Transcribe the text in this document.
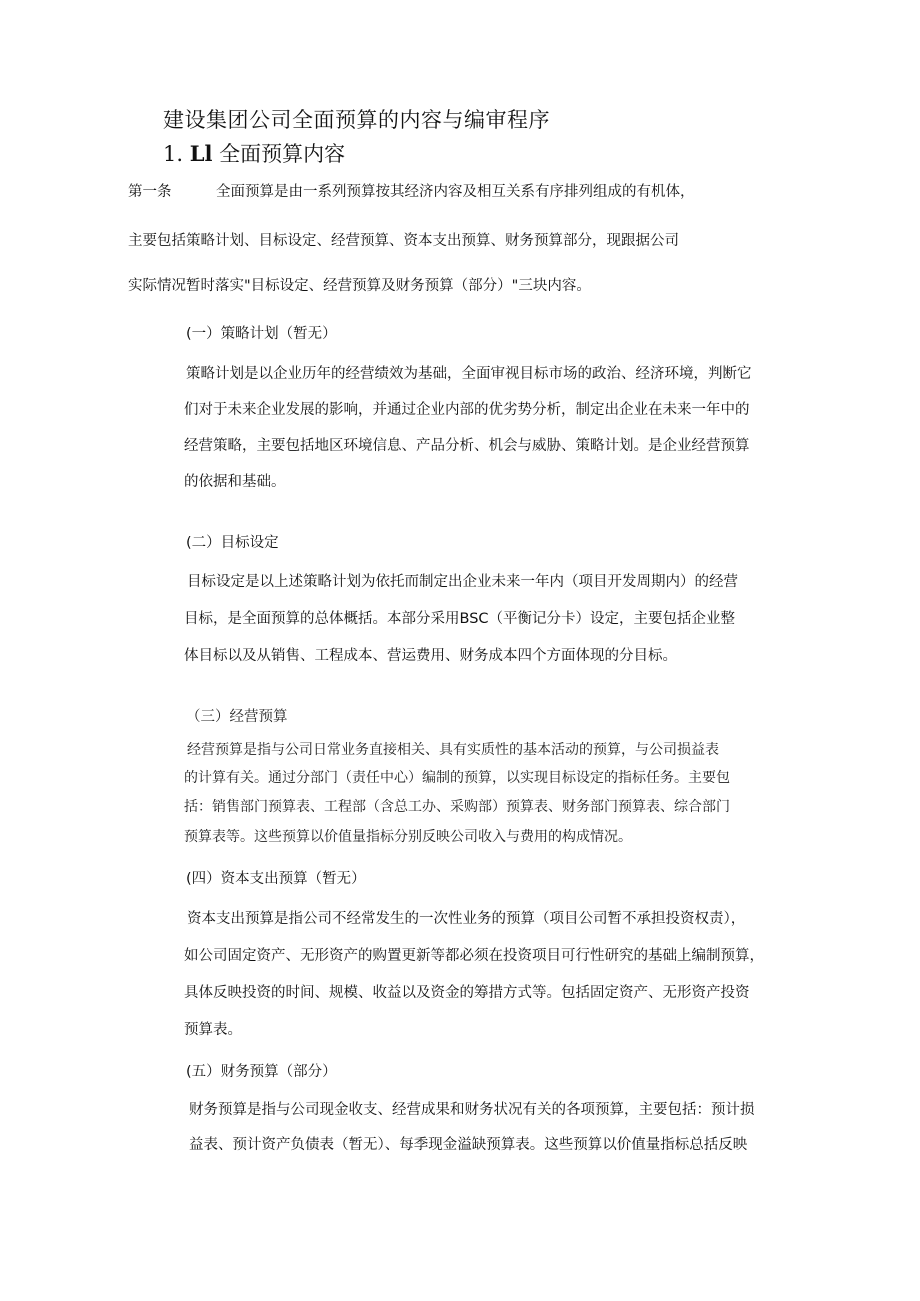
建设集团公司全面预算的内容与编审程序
1. Ll 全面预算内容
第一条	全面预算是由一系列预算按其经济内容及相互关系有序排列组成的有机体，
主要包括策略计划、目标设定、经营预算、资本支出预算、财务预算部分，现跟据公司
实际情况暂时落实"目标设定、经营预算及财务预算（部分）"三块内容。
(一）策略计划（暂无）
策略计划是以企业历年的经营绩效为基础，全面审视目标市场的政治、经济环境，判断它
们对于未来企业发展的影响，并通过企业内部的优劣势分析，制定出企业在未来一年中的
经营策略，主要包括地区环境信息、产品分析、机会与威胁、策略计划。是企业经营预算
的依据和基础。
(二）目标设定
目标设定是以上述策略计划为依托而制定出企业未来一年内（项目开发周期内）的经营
目标，是全面预算的总体概括。本部分采用BSC（平衡记分卡）设定，主要包括企业整
体目标以及从销售、工程成本、营运费用、财务成本四个方面体现的分目标。
（三）经营预算
经营预算是指与公司日常业务直接相关、具有实质性的基本活动的预算，与公司损益表
的计算有关。通过分部门（责任中心）编制的预算，以实现目标设定的指标任务。主要包
括：销售部门预算表、工程部（含总工办、采购部）预算表、财务部门预算表、综合部门
预算表等。这些预算以价值量指标分别反映公司收入与费用的构成情况。
(四）资本支出预算（暂无）
资本支出预算是指公司不经常发生的一次性业务的预算（项目公司暂不承担投资权责），
如公司固定资产、无形资产的购置更新等都必须在投资项目可行性研究的基础上编制预算，
具体反映投资的时间、规模、收益以及资金的筹措方式等。包括固定资产、无形资产投资
预算表。
(五）财务预算（部分）
财务预算是指与公司现金收支、经营成果和财务状况有关的各项预算，主要包括：预计损
益表、预计资产负债表（暂无）、每季现金溢缺预算表。这些预算以价值量指标总括反映
